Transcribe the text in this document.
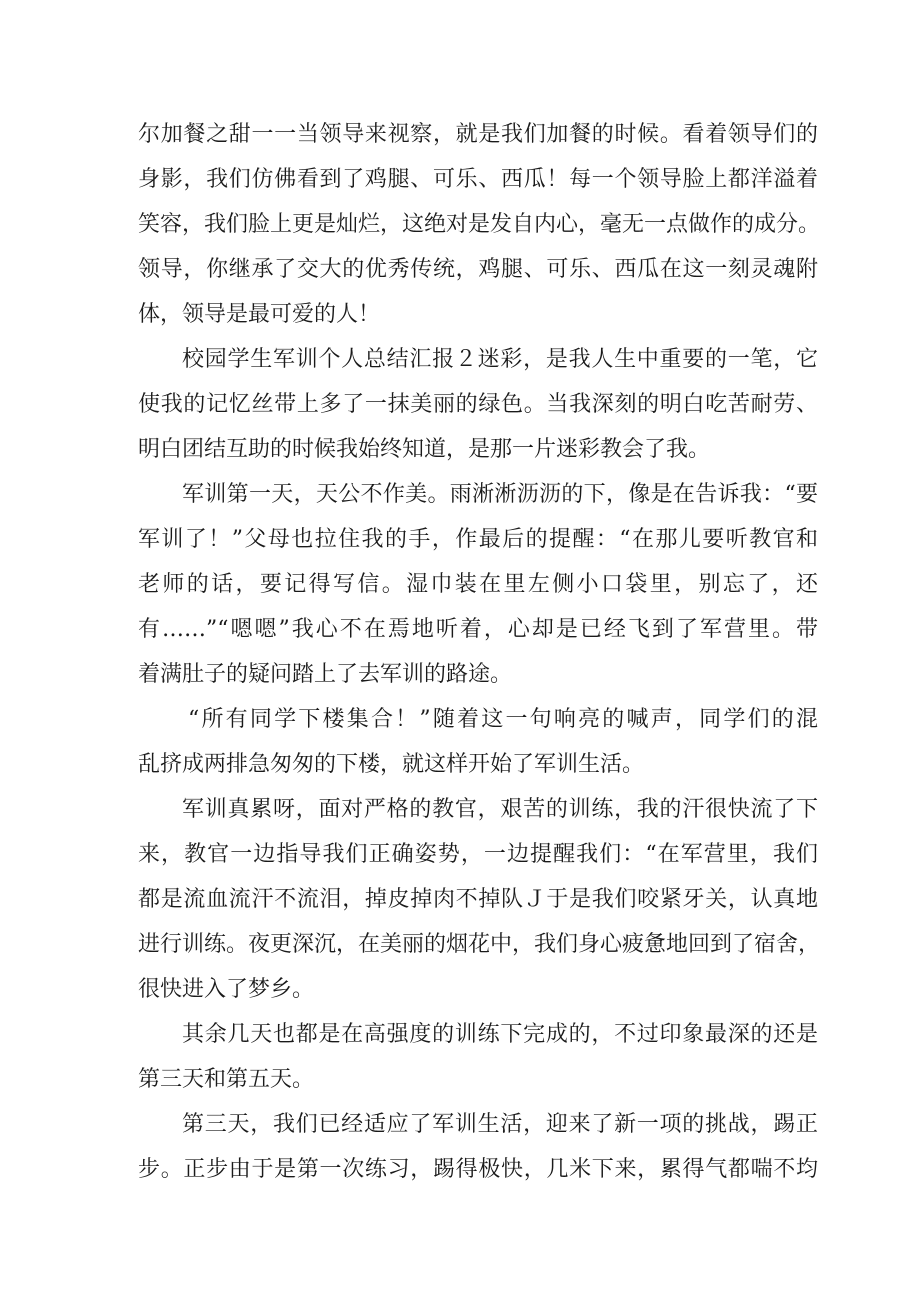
尔加餐之甜一一当领导来视察，就是我们加餐的时候。看着领导们的
身影，我们仿佛看到了鸡腿、可乐、西瓜！每一个领导脸上都洋溢着
笑容，我们脸上更是灿烂，这绝对是发自内心，毫无一点做作的成分。
领导，你继承了交大的优秀传统，鸡腿、可乐、西瓜在这一刻灵魂附
体，领导是最可爱的人！
校园学生军训个人总结汇报２迷彩，是我人生中重要的一笔，它
使我的记忆丝带上多了一抹美丽的绿色。当我深刻的明白吃苦耐劳、
明白团结互助的时候我始终知道，是那一片迷彩教会了我。
军训第一天，天公不作美。雨淅淅沥沥的下，像是在告诉我：“要
军训了！”父母也拉住我的手，作最后的提醒：“在那儿要听教官和
老师的话，要记得写信。湿巾装在里左侧小口袋里，别忘了，还
有……”“嗯嗯”我心不在焉地听着，心却是已经飞到了军营里。带
着满肚子的疑问踏上了去军训的路途。
“所有同学下楼集合！”随着这一句响亮的喊声，同学们的混
乱挤成两排急匆匆的下楼，就这样开始了军训生活。
军训真累呀，面对严格的教官，艰苦的训练，我的汗很快流了下
来，教官一边指导我们正确姿势，一边提醒我们：“在军营里，我们
都是流血流汗不流泪，掉皮掉肉不掉队Ｊ于是我们咬紧牙关，认真地
进行训练。夜更深沉，在美丽的烟花中，我们身心疲惫地回到了宿舍，
很快进入了梦乡。
其余几天也都是在高强度的训练下完成的，不过印象最深的还是
第三天和第五天。
第三天，我们已经适应了军训生活，迎来了新一项的挑战，踢正
步。正步由于是第一次练习，踢得极快，几米下来，累得气都喘不均
